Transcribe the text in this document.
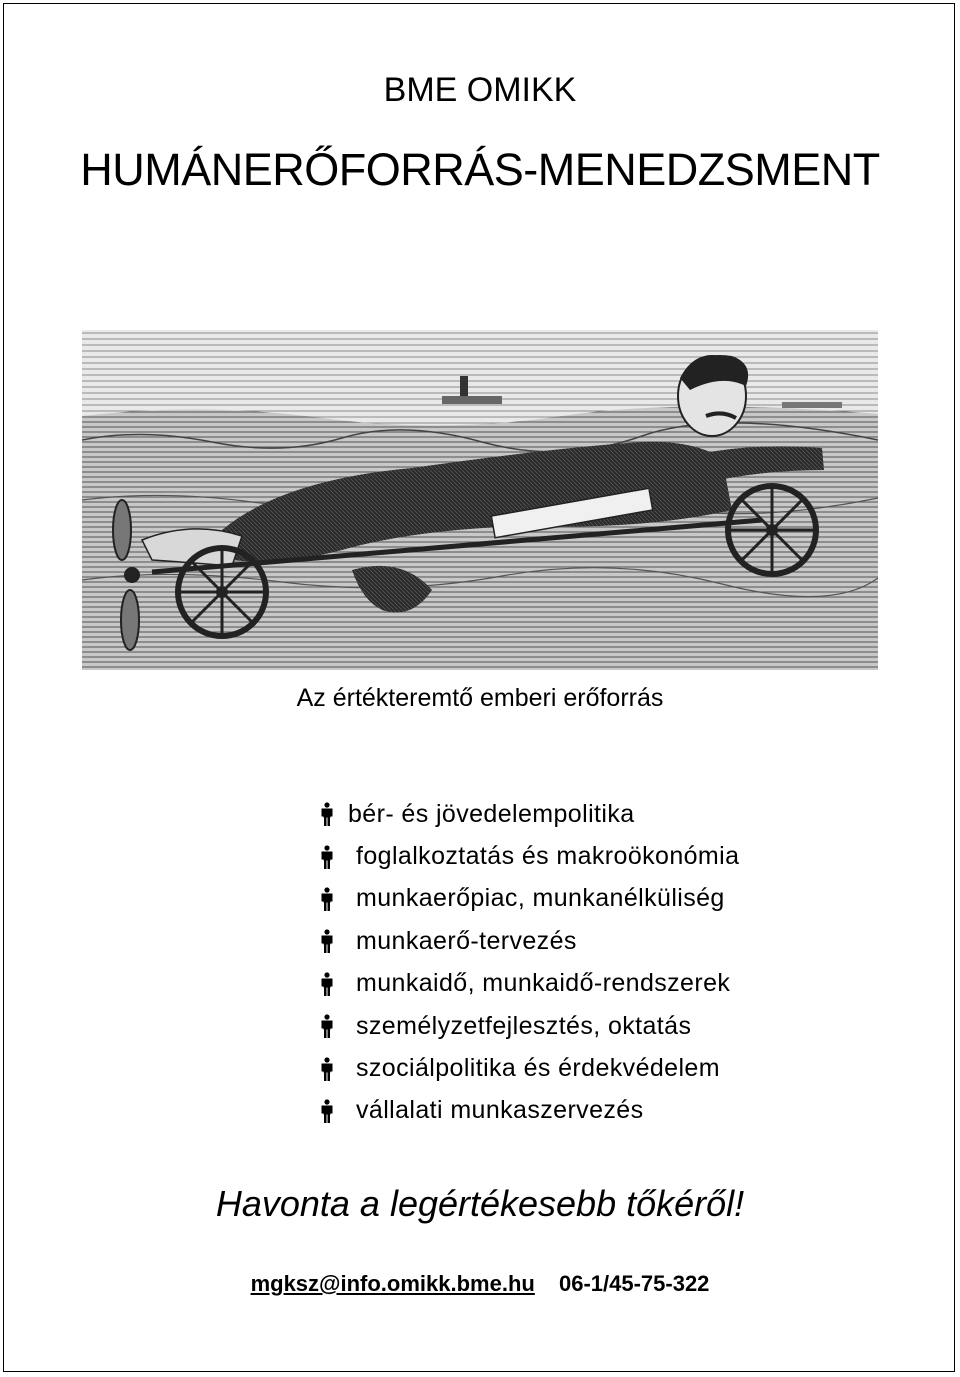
BME OMIKK
HUMÁNERŐFORRÁS-MENEDZSMENT
Az értékteremtő emberi erőforrás
bér- és jövedelempolitika
foglalkoztatás és makroökonómia
munkaerőpiac, munkanélküliség
munkaerő-tervezés
munkaidő, munkaidő-rendszerek
személyzetfejlesztés, oktatás
szociálpolitika és érdekvédelem
vállalati munkaszervezés
Havonta a legértékesebb tőkéről!
mgksz@info.omikk.bme.hu 06-1/45-75-322
